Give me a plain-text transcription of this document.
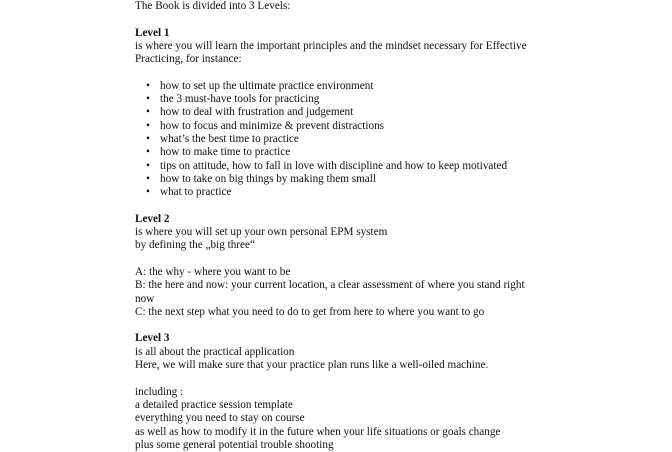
The Book is divided into 3 Levels:
Level 1
is where you will learn the important principles and the mindset necessary for Effective
Practicing, for instance:
• how to set up the ultimate practice environment
• the 3 must-have tools for practicing
• how to deal with frustration and judgement
• how to focus and minimize & prevent distractions
• what’s the best time to practice
• how to make time to practice
• tips on attitude, how to fall in love with discipline and how to keep motivated
• how to take on big things by making them small
• what to practice
Level 2
is where you will set up your own personal EPM system
by defining the „big three“
A: the why - where you want to be
B: the here and now: your current location, a clear assessment of where you stand right
now
C: the next step what you need to do to get from here to where you want to go
Level 3
is all about the practical application
Here, we will make sure that your practice plan runs like a well-oiled machine.
including :
a detailed practice session template
everything you need to stay on course
as well as how to modify it in the future when your life situations or goals change
plus some general potential trouble shooting
